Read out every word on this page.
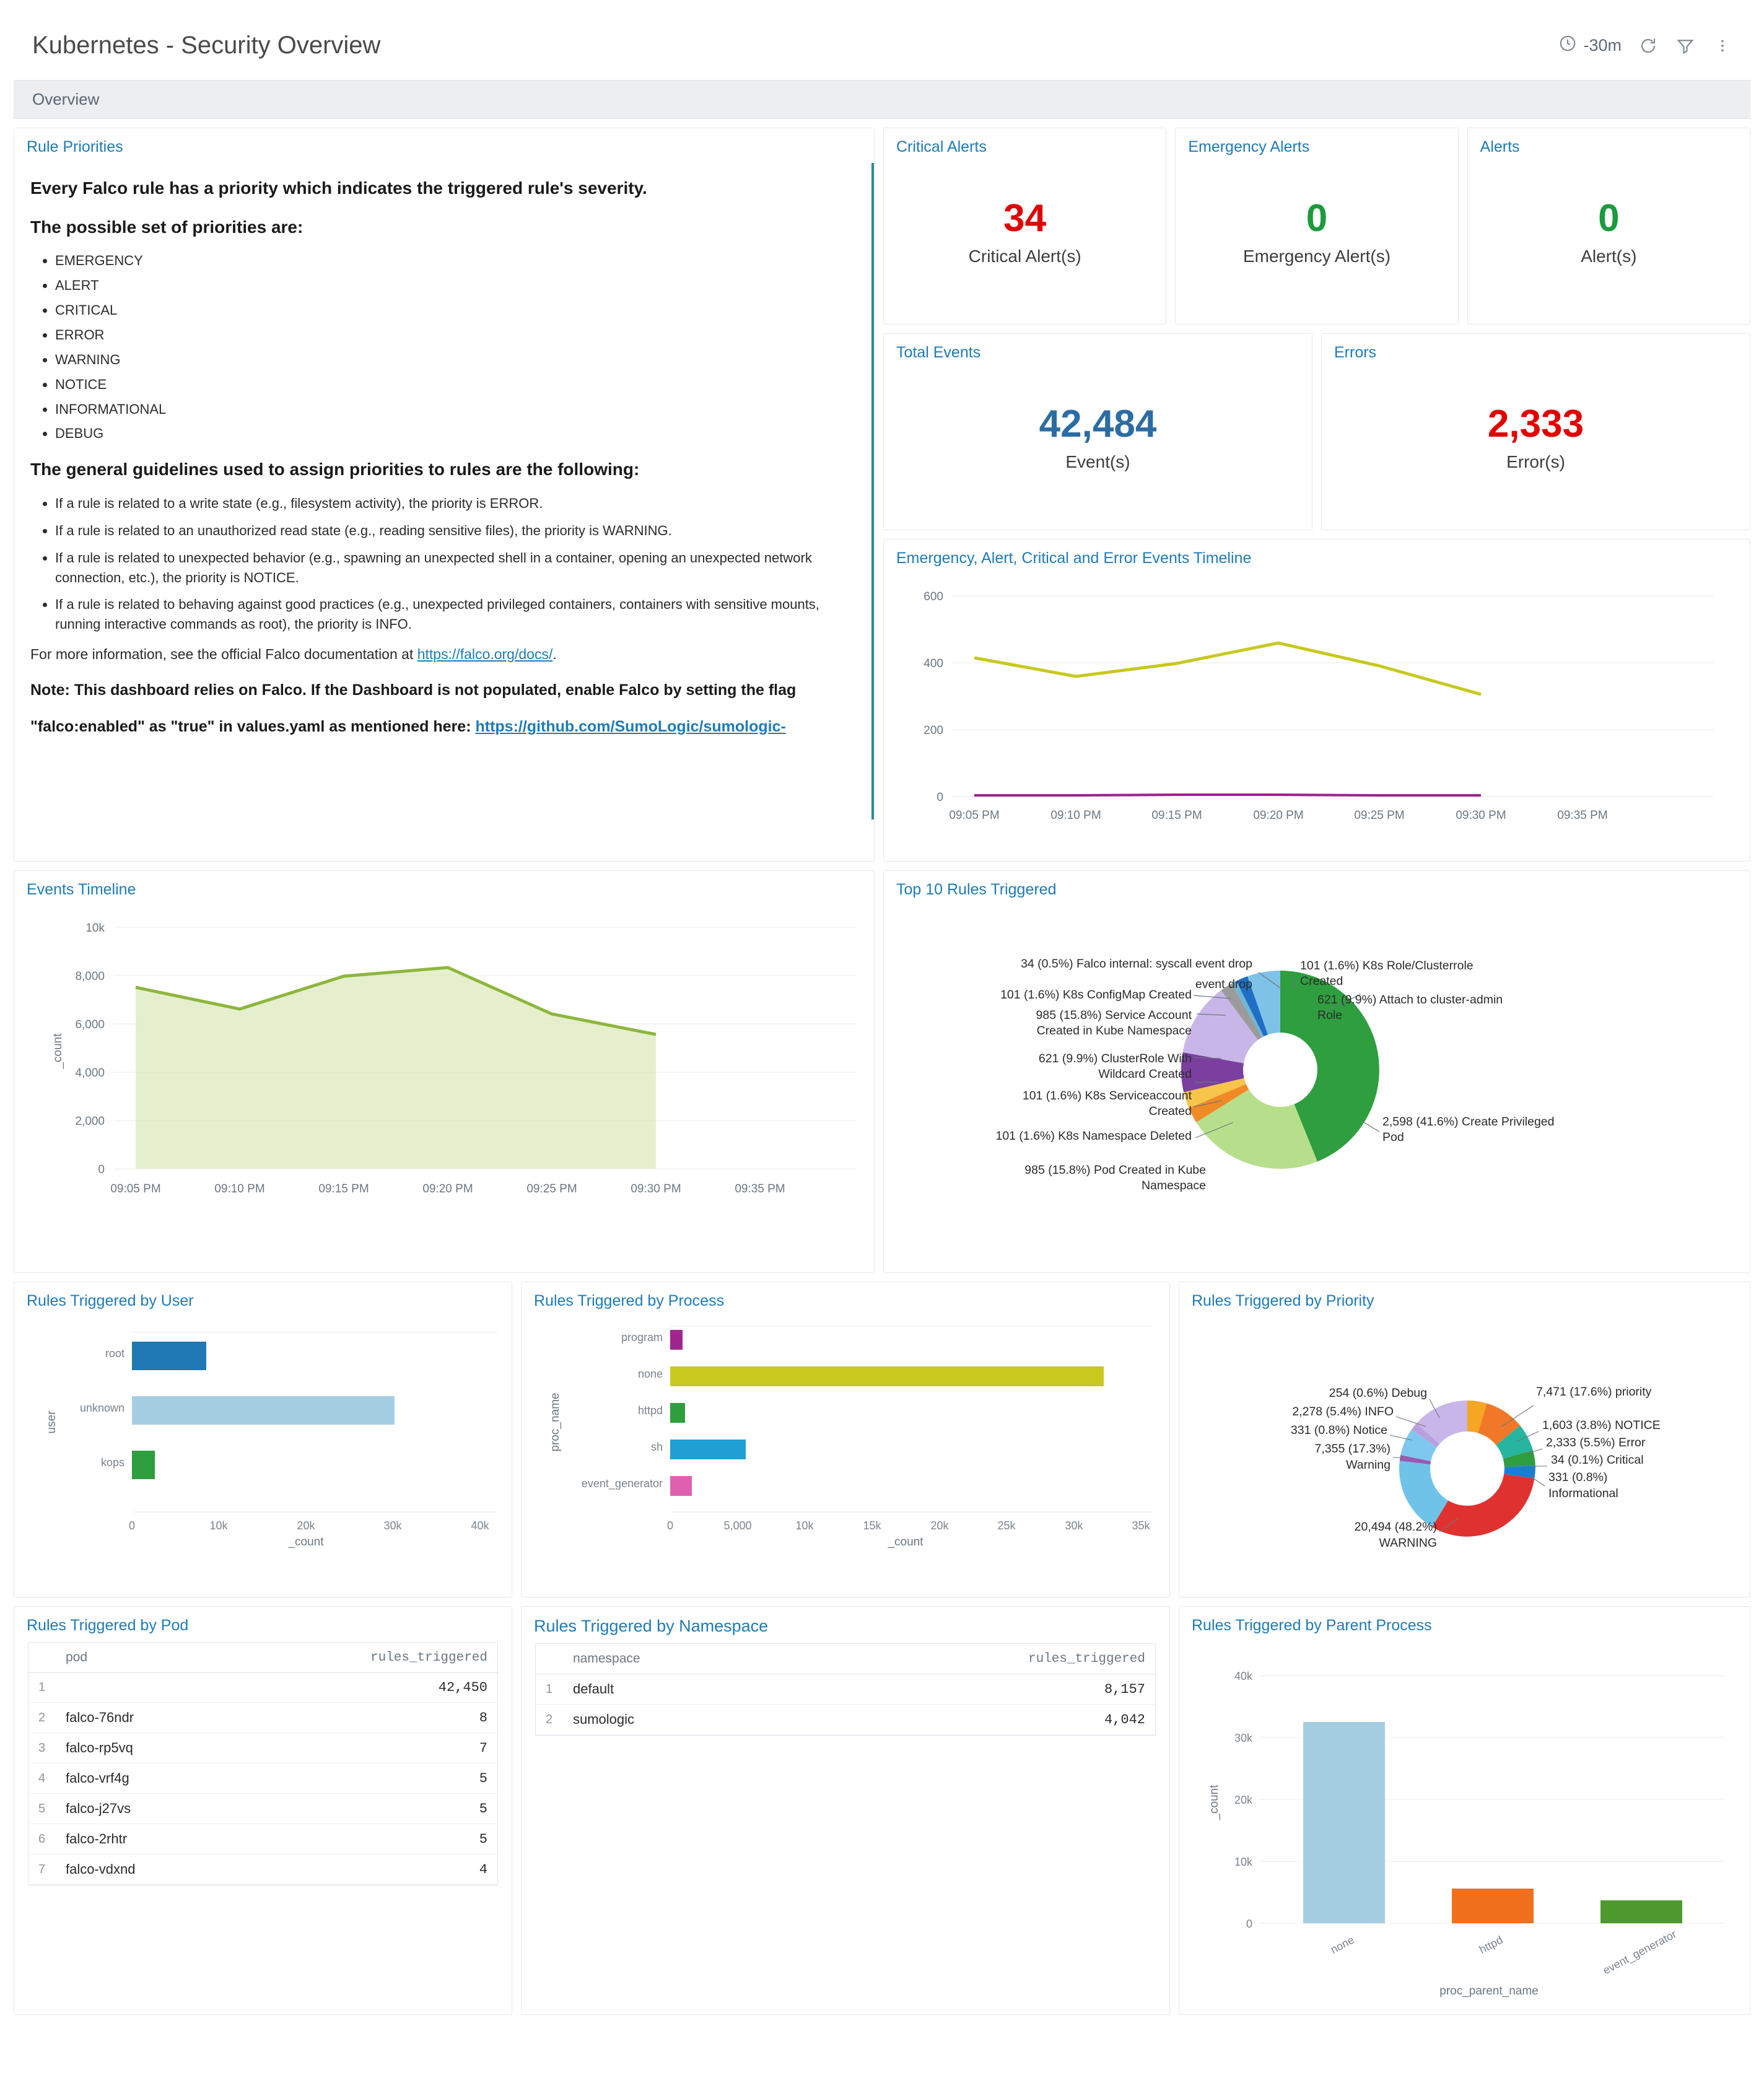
Kubernetes - Security Overview	-30m
Overview
Rule Priorities

Every Falco rule has a priority which indicates the triggered rule's severity.

The possible set of priorities are:

• EMERGENCY
• ALERT
• CRITICAL
• ERROR
• WARNING
• NOTICE
• INFORMATIONAL
• DEBUG

The general guidelines used to assign priorities to rules are the following:

• If a rule is related to a write state (e.g., filesystem activity), the priority is ERROR.
• If a rule is related to an unauthorized read state (e.g., reading sensitive files), the priority is WARNING.
• If a rule is related to unexpected behavior (e.g., spawning an unexpected shell in a container, opening an unexpected network connection, etc.), the priority is NOTICE.
• If a rule is related to behaving against good practices (e.g., unexpected privileged containers, containers with sensitive mounts, running interactive commands as root), the priority is INFO.

For more information, see the official Falco documentation at https://falco.org/docs/.

Note: This dashboard relies on Falco. If the Dashboard is not populated, enable Falco by setting the flag

"falco:enabled" as "true" in values.yaml as mentioned here: https://github.com/SumoLogic/sumologic-

Critical Alerts
34
Critical Alert(s)
Emergency Alerts
0
Emergency Alert(s)
Alerts
0
Alert(s)
Total Events
42,484
Event(s)
Errors
2,333
Error(s)
Emergency, Alert, Critical and Error Events Timeline
600
400
200
0
09:05 PM	09:10 PM	09:15 PM	09:20 PM	09:25 PM	09:30 PM	09:35 PM
Events Timeline
10k
8,000
6,000
4,000
2,000
0
_count
09:05 PM	09:10 PM	09:15 PM	09:20 PM	09:25 PM	09:30 PM	09:35 PM
Top 10 Rules Triggered
34 (0.5%) Falco internal: syscall event drop
101 (1.6%) K8s ConfigMap Created
985 (15.8%) Service Account
Created in Kube Namespace
621 (9.9%) ClusterRole With
Wildcard Created
101 (1.6%) K8s Serviceaccount
Created
101 (1.6%) K8s Namespace Deleted
985 (15.8%) Pod Created in Kube
Namespace
101 (1.6%) K8s Role/Clusterrole
Created
621 (9.9%) Attach to cluster-admin
Role
2,598 (41.6%) Create Privileged
Pod
event drop
Rules Triggered by User
user
root
unknown
kops
0	10k	20k	30k	40k
_count
Rules Triggered by Process
proc_name
program
none
httpd
sh
event_generator
0	5,000	10k	15k	20k	25k	30k	35k
_count
Rules Triggered by Priority
254 (0.6%) Debug
2,278 (5.4%) INFO
331 (0.8%) Notice
7,355 (17.3%)
Warning
7,471 (17.6%) priority
1,603 (3.8%) NOTICE
2,333 (5.5%) Error
34 (0.1%) Critical
331 (0.8%)
Informational
20,494 (48.2%)
WARNING
Rules Triggered by Pod
	pod	rules_triggered
1		42,450
2	falco-76ndr	8
3	falco-rp5vq	7
4	falco-vrf4g	5
5	falco-j27vs	5
6	falco-2rhtr	5
7	falco-vdxnd	4
Rules Triggered by Namespace
	namespace	rules_triggered
1	default	8,157
2	sumologic	4,042
Rules Triggered by Parent Process
40k
30k
20k
10k
0
_count
none	httpd	event_generator
proc_parent_name
